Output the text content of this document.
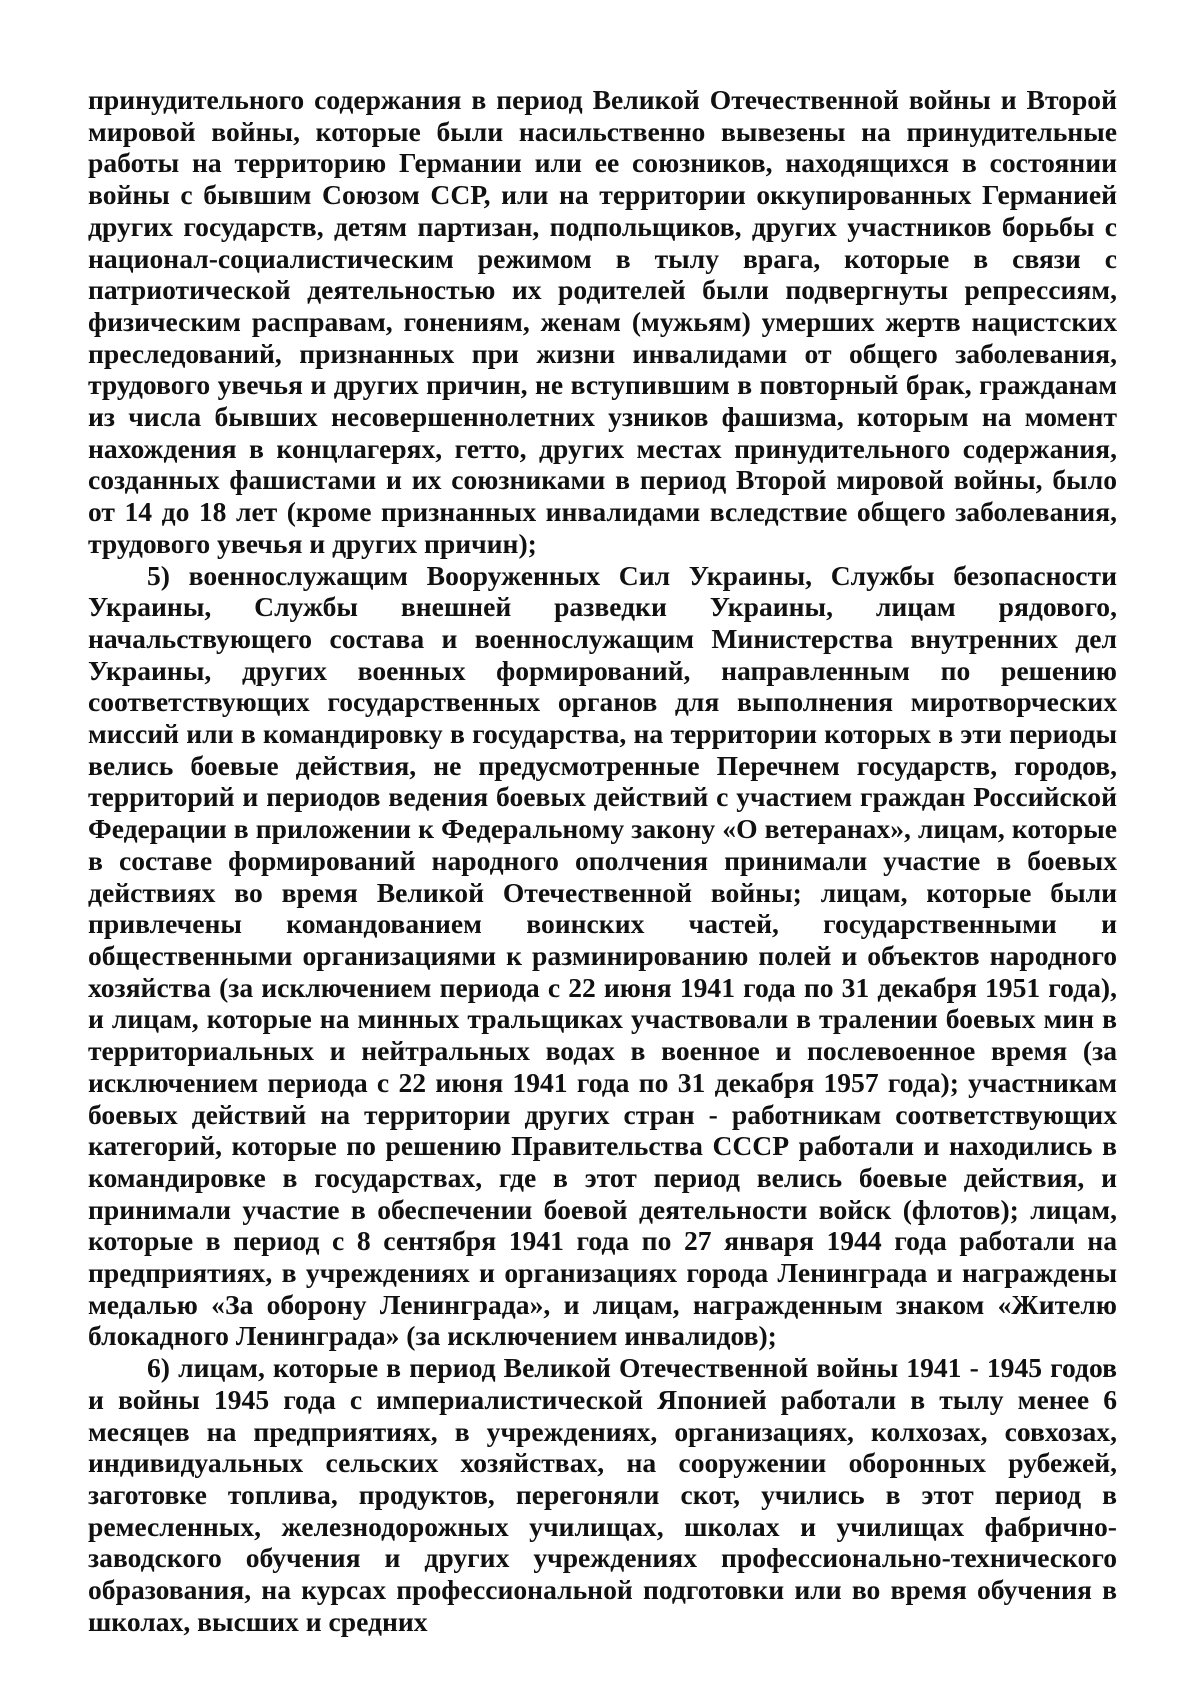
принудительного содержания в период Великой Отечественной войны и Второй мировой войны, которые были насильственно вывезены на принудительные работы на территорию Германии или ее союзников, находящихся в состоянии войны с бывшим Союзом ССР, или на территории оккупированных Германией других государств, детям партизан, подпольщиков, других участников борьбы с национал-социалистическим режимом в тылу врага, которые в связи с патриотической деятельностью их родителей были подвергнуты репрессиям, физическим расправам, гонениям, женам (мужьям) умерших жертв нацистских преследований, признанных при жизни инвалидами от общего заболевания, трудового увечья и других причин, не вступившим в повторный брак, гражданам из числа бывших несовершеннолетних узников фашизма, которым на момент нахождения в концлагерях, гетто, других местах принудительного содержания, созданных фашистами и их союзниками в период Второй мировой войны, было от 14 до 18 лет (кроме признанных инвалидами вследствие общего заболевания, трудового увечья и других причин);

5) военнослужащим Вооруженных Сил Украины, Службы безопасности Украины, Службы внешней разведки Украины, лицам рядового, начальствующего состава и военнослужащим Министерства внутренних дел Украины, других военных формирований, направленным по решению соответствующих государственных органов для выполнения миротворческих миссий или в командировку в государства, на территории которых в эти периоды велись боевые действия, не предусмотренные Перечнем государств, городов, территорий и периодов ведения боевых действий с участием граждан Российской Федерации в приложении к Федеральному закону «О ветеранах», лицам, которые в составе формирований народного ополчения принимали участие в боевых действиях во время Великой Отечественной войны; лицам, которые были привлечены командованием воинских частей, государственными и общественными организациями к разминированию полей и объектов народного хозяйства (за исключением периода с 22 июня 1941 года по 31 декабря 1951 года), и лицам, которые на минных тральщиках участвовали в тралении боевых мин в территориальных и нейтральных водах в военное и послевоенное время (за исключением периода с 22 июня 1941 года по 31 декабря 1957 года); участникам боевых действий на территории других стран - работникам соответствующих категорий, которые по решению Правительства СССР работали и находились в командировке в государствах, где в этот период велись боевые действия, и принимали участие в обеспечении боевой деятельности войск (флотов); лицам, которые в период с 8 сентября 1941 года по 27 января 1944 года работали на предприятиях, в учреждениях и организациях города Ленинграда и награждены медалью «За оборону Ленинграда», и лицам, награжденным знаком «Жителю блокадного Ленинграда» (за исключением инвалидов);

6) лицам, которые в период Великой Отечественной войны 1941 - 1945 годов и войны 1945 года с империалистической Японией работали в тылу менее 6 месяцев на предприятиях, в учреждениях, организациях, колхозах, совхозах, индивидуальных сельских хозяйствах, на сооружении оборонных рубежей, заготовке топлива, продуктов, перегоняли скот, учились в этот период в ремесленных, железнодорожных училищах, школах и училищах фабрично-заводского обучения и других учреждениях профессионально-технического образования, на курсах профессиональной подготовки или во время обучения в школах, высших и средних
